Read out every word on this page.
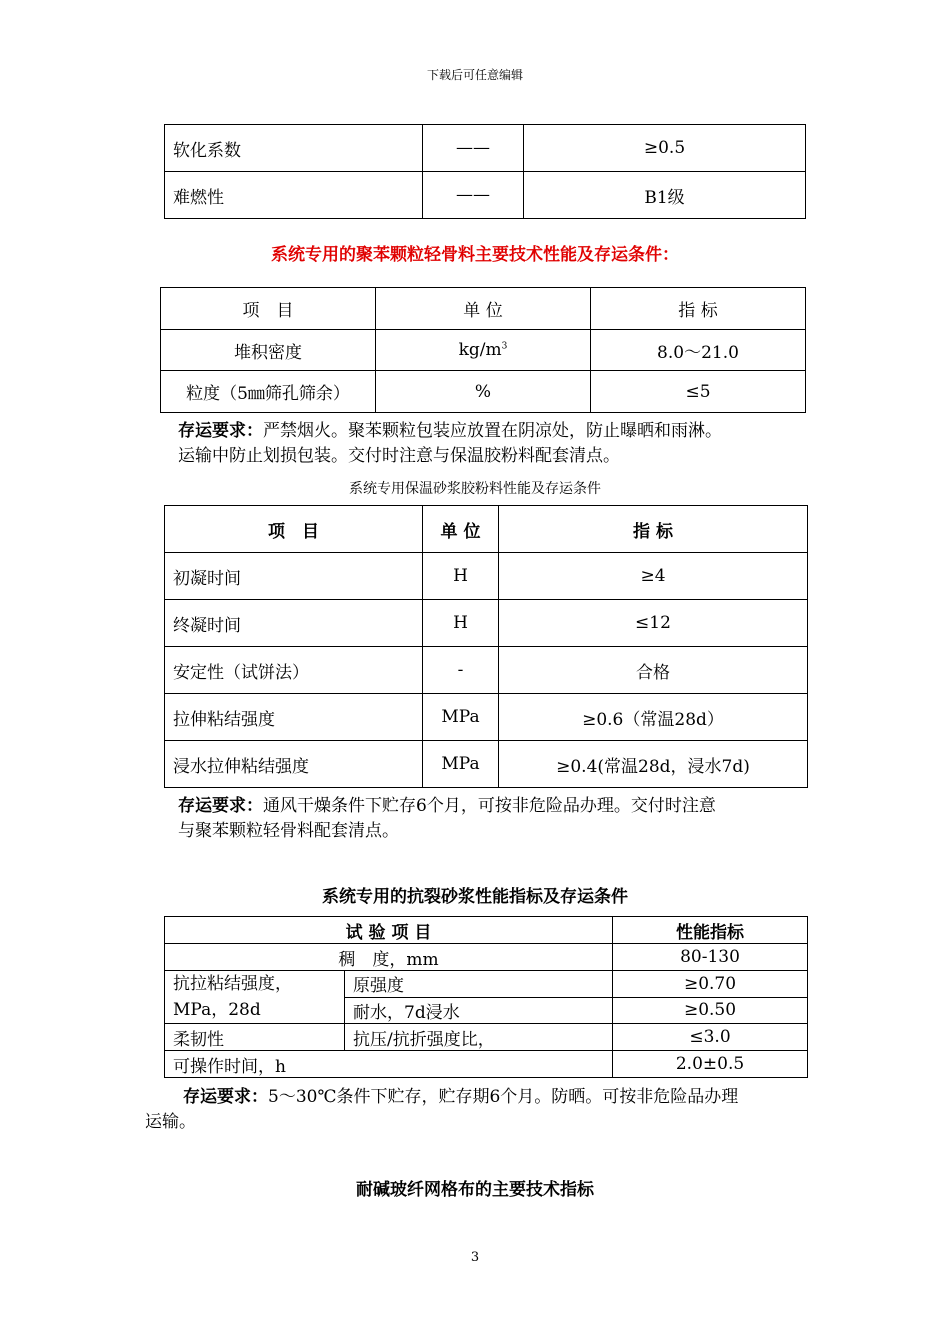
下载后可任意编辑
软化系数	——	≥0.5
难燃性	——	B1级
系统专用的聚苯颗粒轻骨料主要技术性能及存运条件：
项　目	单 位	指 标
堆积密度	$kg/m^3$	8.0～21.0
粒度（5㎜筛孔筛余）	%	≤5
存运要求：严禁烟火。聚苯颗粒包装应放置在阴凉处，防止曝晒和雨淋。
运输中防止划损包装。交付时注意与保温胶粉料配套清点。
系统专用保温砂浆胶粉料性能及存运条件
项　目	单 位	指 标
初凝时间	H	≥4
终凝时间	H	≤12
安定性（试饼法）	-	合格
拉伸粘结强度	MPa	≥0.6（常温28d）
浸水拉伸粘结强度	MPa	≥0.4(常温28d，浸水7d)
存运要求：通风干燥条件下贮存6个月，可按非危险品办理。交付时注意
与聚苯颗粒轻骨料配套清点。
系统专用的抗裂砂浆性能指标及存运条件
试 验 项 目		性能指标
稠　度，mm		80-130

抗拉粘结强度，
MPa，28d	原强度	≥0.70
	耐水，7d浸水	≥0.50
柔韧性	抗压/抗折强度比，	≤3.0
可操作时间，h		2.0±0.5
存运要求：5～30℃条件下贮存，贮存期6个月。防晒。可按非危险品办理
运输。
耐碱玻纤网格布的主要技术指标
3
